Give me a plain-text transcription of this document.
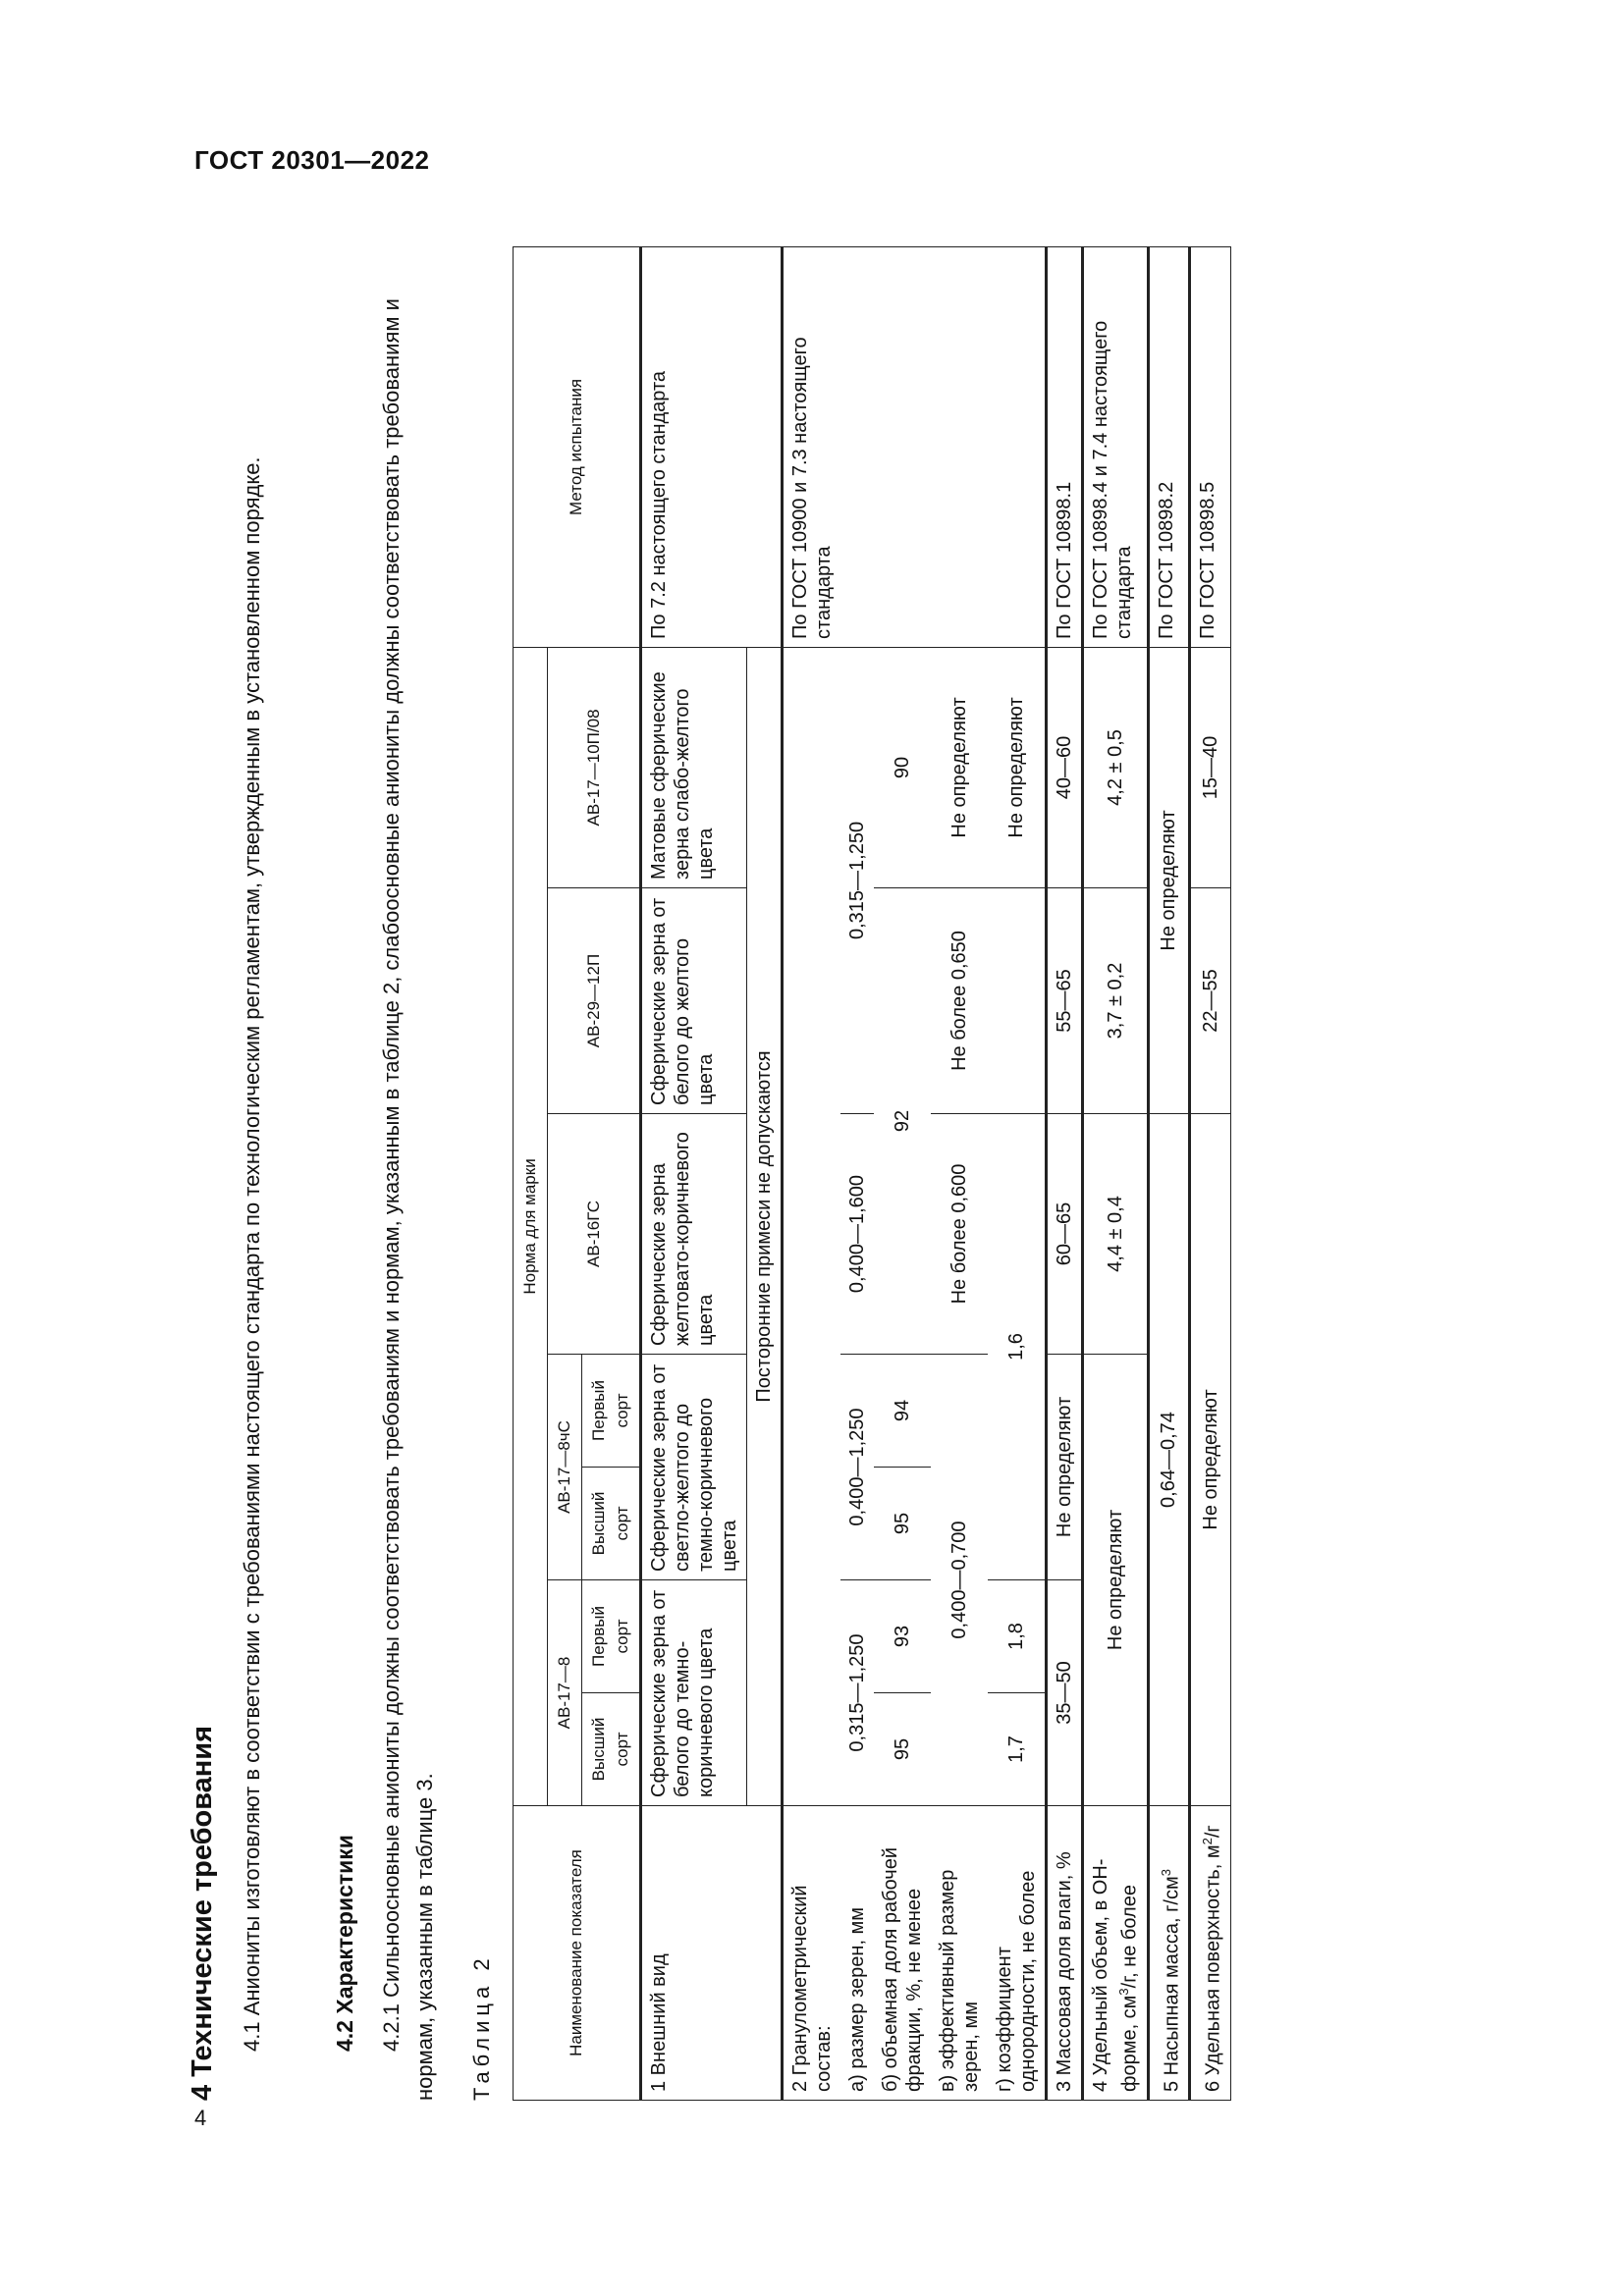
ГОСТ 20301—2022
4
4 Технические требования 4.1 Аниониты изготовляют в соответствии с требованиями настоящего стандарта по технологическим регламентам, утвержденным в установленном порядке.	4.2 Характеристики 4.2.1 Сильноосновные аниониты должны соответствовать требованиям и нормам, указанным в таблице 2, слабоосновные аниониты должны соответствовать требованиям и нормам, указанным в таблице 3. Таблица 2	Наименование показателя	Норма для марки							Метод испытания
	АВ-17—8		АВ-17—8чС		АВ-16ГС	АВ-29—12П	АВ-17—10П/08	
	Высший сорт	Первый сорт	Высший сорт	Первый сорт				
1 Внешний вид	Сферические зерна от белого до темно-коричневого цвета		Сферические зерна от светло-желтого до темно-коричневого цвета		Сферические зерна желтовато-коричневого цвета	Сферические зерна от белого до желтого цвета	Матовые сферические зерна слабо-желтого цвета	По 7.2 настоящего стандарта
	Посторонние примеси не допускаются							
2 Гранулометрический состав:								По ГОСТ 10900 и 7.3 настоящего стандарта
а) размер зерен, мм	0,315—1,250		0,400—1,250		0,400—1,600	0,315—1,250		
б) объемная доля рабочей фракции, %, не менее	95	93	95	94	92		90	
в) эффективный размер зерен, мм	0,400—0,700				Не более 0,600	Не более 0,650	Не определяют	
г) коэффициент однородности, не более	1,7	1,8	1,6				Не определяют	
3 Массовая доля влаги, %	35—50		Не определяют		60—65	55—65	40—60	По ГОСТ 10898.1
4 Удельный объем, в ОН-форме, $см^3/г$, не более	Не определяют				4,4 ± 0,4	3,7 ± 0,2	4,2 ± 0,5	По ГОСТ 10898.4 и 7.4 настоящего стандарта
5 Насыпная масса, $г/см^3$	0,64—0,74					Не определяют		По ГОСТ 10898.2
6 Удельная поверхность, $м^2/г$	Не определяют					22—55	15—40	По ГОСТ 10898.5
